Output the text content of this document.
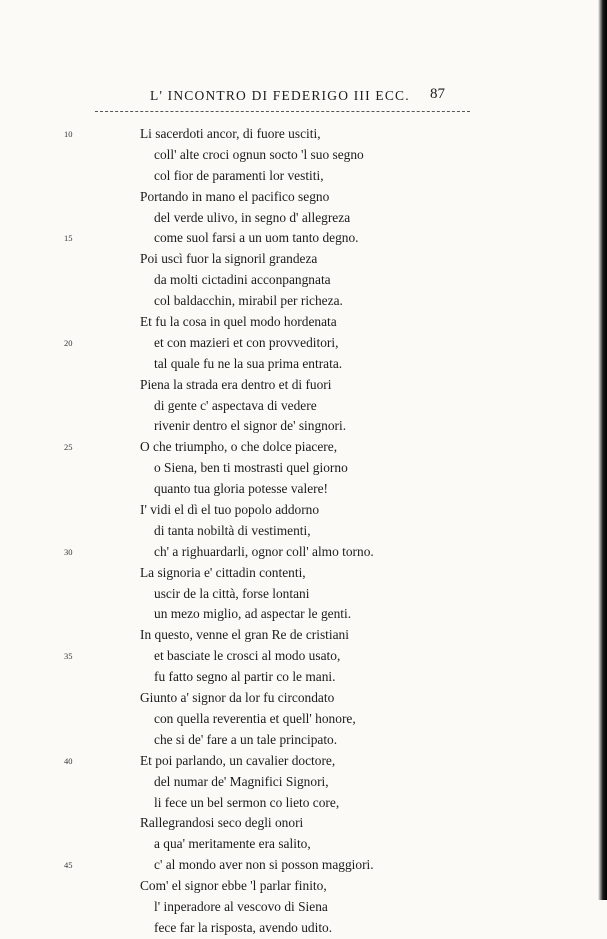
L' INCONTRO DI FEDERIGO III ECC. 87
10	Li sacerdoti ancor, di fuore usciti,
coll' alte croci ognun socto 'l suo segno
col fior de paramenti lor vestiti,
Portando in mano el pacifico segno
del verde ulivo, in segno d' allegreza
15	come suol farsi a un uom tanto degno.
Poi uscì fuor la signoril grandeza
da molti cictadini acconpangnata
col baldacchin, mirabil per richeza.
Et fu la cosa in quel modo hordenata
20	et con mazieri et con provveditori,
tal quale fu ne la sua prima entrata.
Piena la strada era dentro et di fuori
di gente c' aspectava di vedere
rivenir dentro el signor de' singnori.
25	O che triumpho, o che dolce piacere,
o Siena, ben ti mostrasti quel giorno
quanto tua gloria potesse valere!
I' vidi el dì el tuo popolo addorno
di tanta nobiltà di vestimenti,
30	ch' a righuardarli, ognor coll' almo torno.
La signoria e' cittadin contenti,
uscir de la città, forse lontani
un mezo miglio, ad aspectar le genti.
In questo, venne el gran Re de cristiani
35	et basciate le crosci al modo usato,
fu fatto segno al partir co le mani.
Giunto a' signor da lor fu circondato
con quella reverentia et quell' honore,
che si de' fare a un tale principato.
40	Et poi parlando, un cavalier doctore,
del numar de' Magnifici Signori,
li fece un bel sermon co lieto core,
Rallegrandosi seco degli onori
a qua' meritamente era salito,
45	c' al mondo aver non si posson maggiori.
Com' el signor ebbe 'l parlar finito,
l' inperadore al vescovo di Siena
fece far la risposta, avendo udito.
